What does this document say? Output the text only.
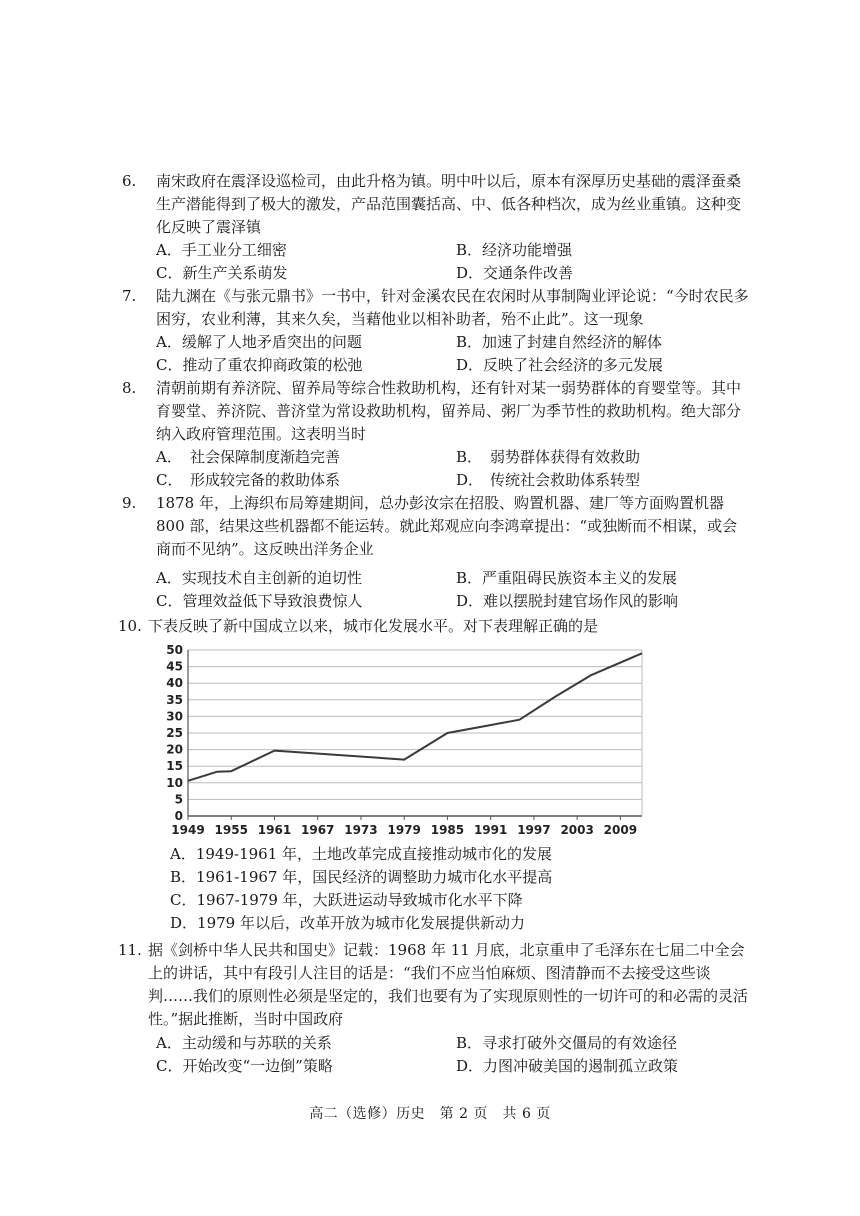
6.	南宋政府在震泽设巡检司，由此升格为镇。明中叶以后，原本有深厚历史基础的震泽蚕桑生产潜能得到了极大的激发，产品范围囊括高、中、低各种档次，成为丝业重镇。这种变化反映了震泽镇
A．手工业分工细密	B．经济功能增强
C．新生产关系萌发	D．交通条件改善
7.	陆九渊在《与张元鼎书》一书中，针对金溪农民在农闲时从事制陶业评论说：“今时农民多困穷，农业利薄，其来久矣，当藉他业以相补助者，殆不止此”。这一现象
A．缓解了人地矛盾突出的问题	B．加速了封建自然经济的解体
C．推动了重农抑商政策的松弛	D．反映了社会经济的多元发展
8.	清朝前期有养济院、留养局等综合性救助机构，还有针对某一弱势群体的育婴堂等。其中育婴堂、养济院、普济堂为常设救助机构，留养局、粥厂为季节性的救助机构。绝大部分纳入政府管理范围。这表明当时
A． 社会保障制度渐趋完善	B． 弱势群体获得有效救助
C． 形成较完备的救助体系	D． 传统社会救助体系转型
9.	1878 年，上海织布局筹建期间，总办彭汝宗在招股、购置机器、建厂等方面购置机器 800 部，结果这些机器都不能运转。就此郑观应向李鸿章提出：“或独断而不相谋，或会商而不见纳”。这反映出洋务企业
A．实现技术自主创新的迫切性	B．严重阻碍民族资本主义的发展
C．管理效益低下导致浪费惊人	D．难以摆脱封建官场作风的影响
10. 下表反映了新中国成立以来，城市化发展水平。对下表理解正确的是
0
5
10
15
20
25
30
35
40
45
50
1949 1955 1961 1967 1973 1979 1985 1991 1997 2003 2009
A．1949-1961 年，土地改革完成直接推动城市化的发展
B．1961-1967 年，国民经济的调整助力城市化水平提高
C．1967-1979 年，大跃进运动导致城市化水平下降
D．1979 年以后，改革开放为城市化发展提供新动力
11. 据《剑桥中华人民共和国史》记载：1968 年 11 月底，北京重申了毛泽东在七届二中全会上的讲话，其中有段引人注目的话是：“我们不应当怕麻烦、图清静而不去接受这些谈判……我们的原则性必须是坚定的，我们也要有为了实现原则性的一切许可的和必需的灵活性。”据此推断，当时中国政府
A．主动缓和与苏联的关系	B．寻求打破外交僵局的有效途径
C．开始改变“一边倒”策略	D．力图冲破美国的遏制孤立政策
高二（选修）历史　第 2 页　共 6 页
